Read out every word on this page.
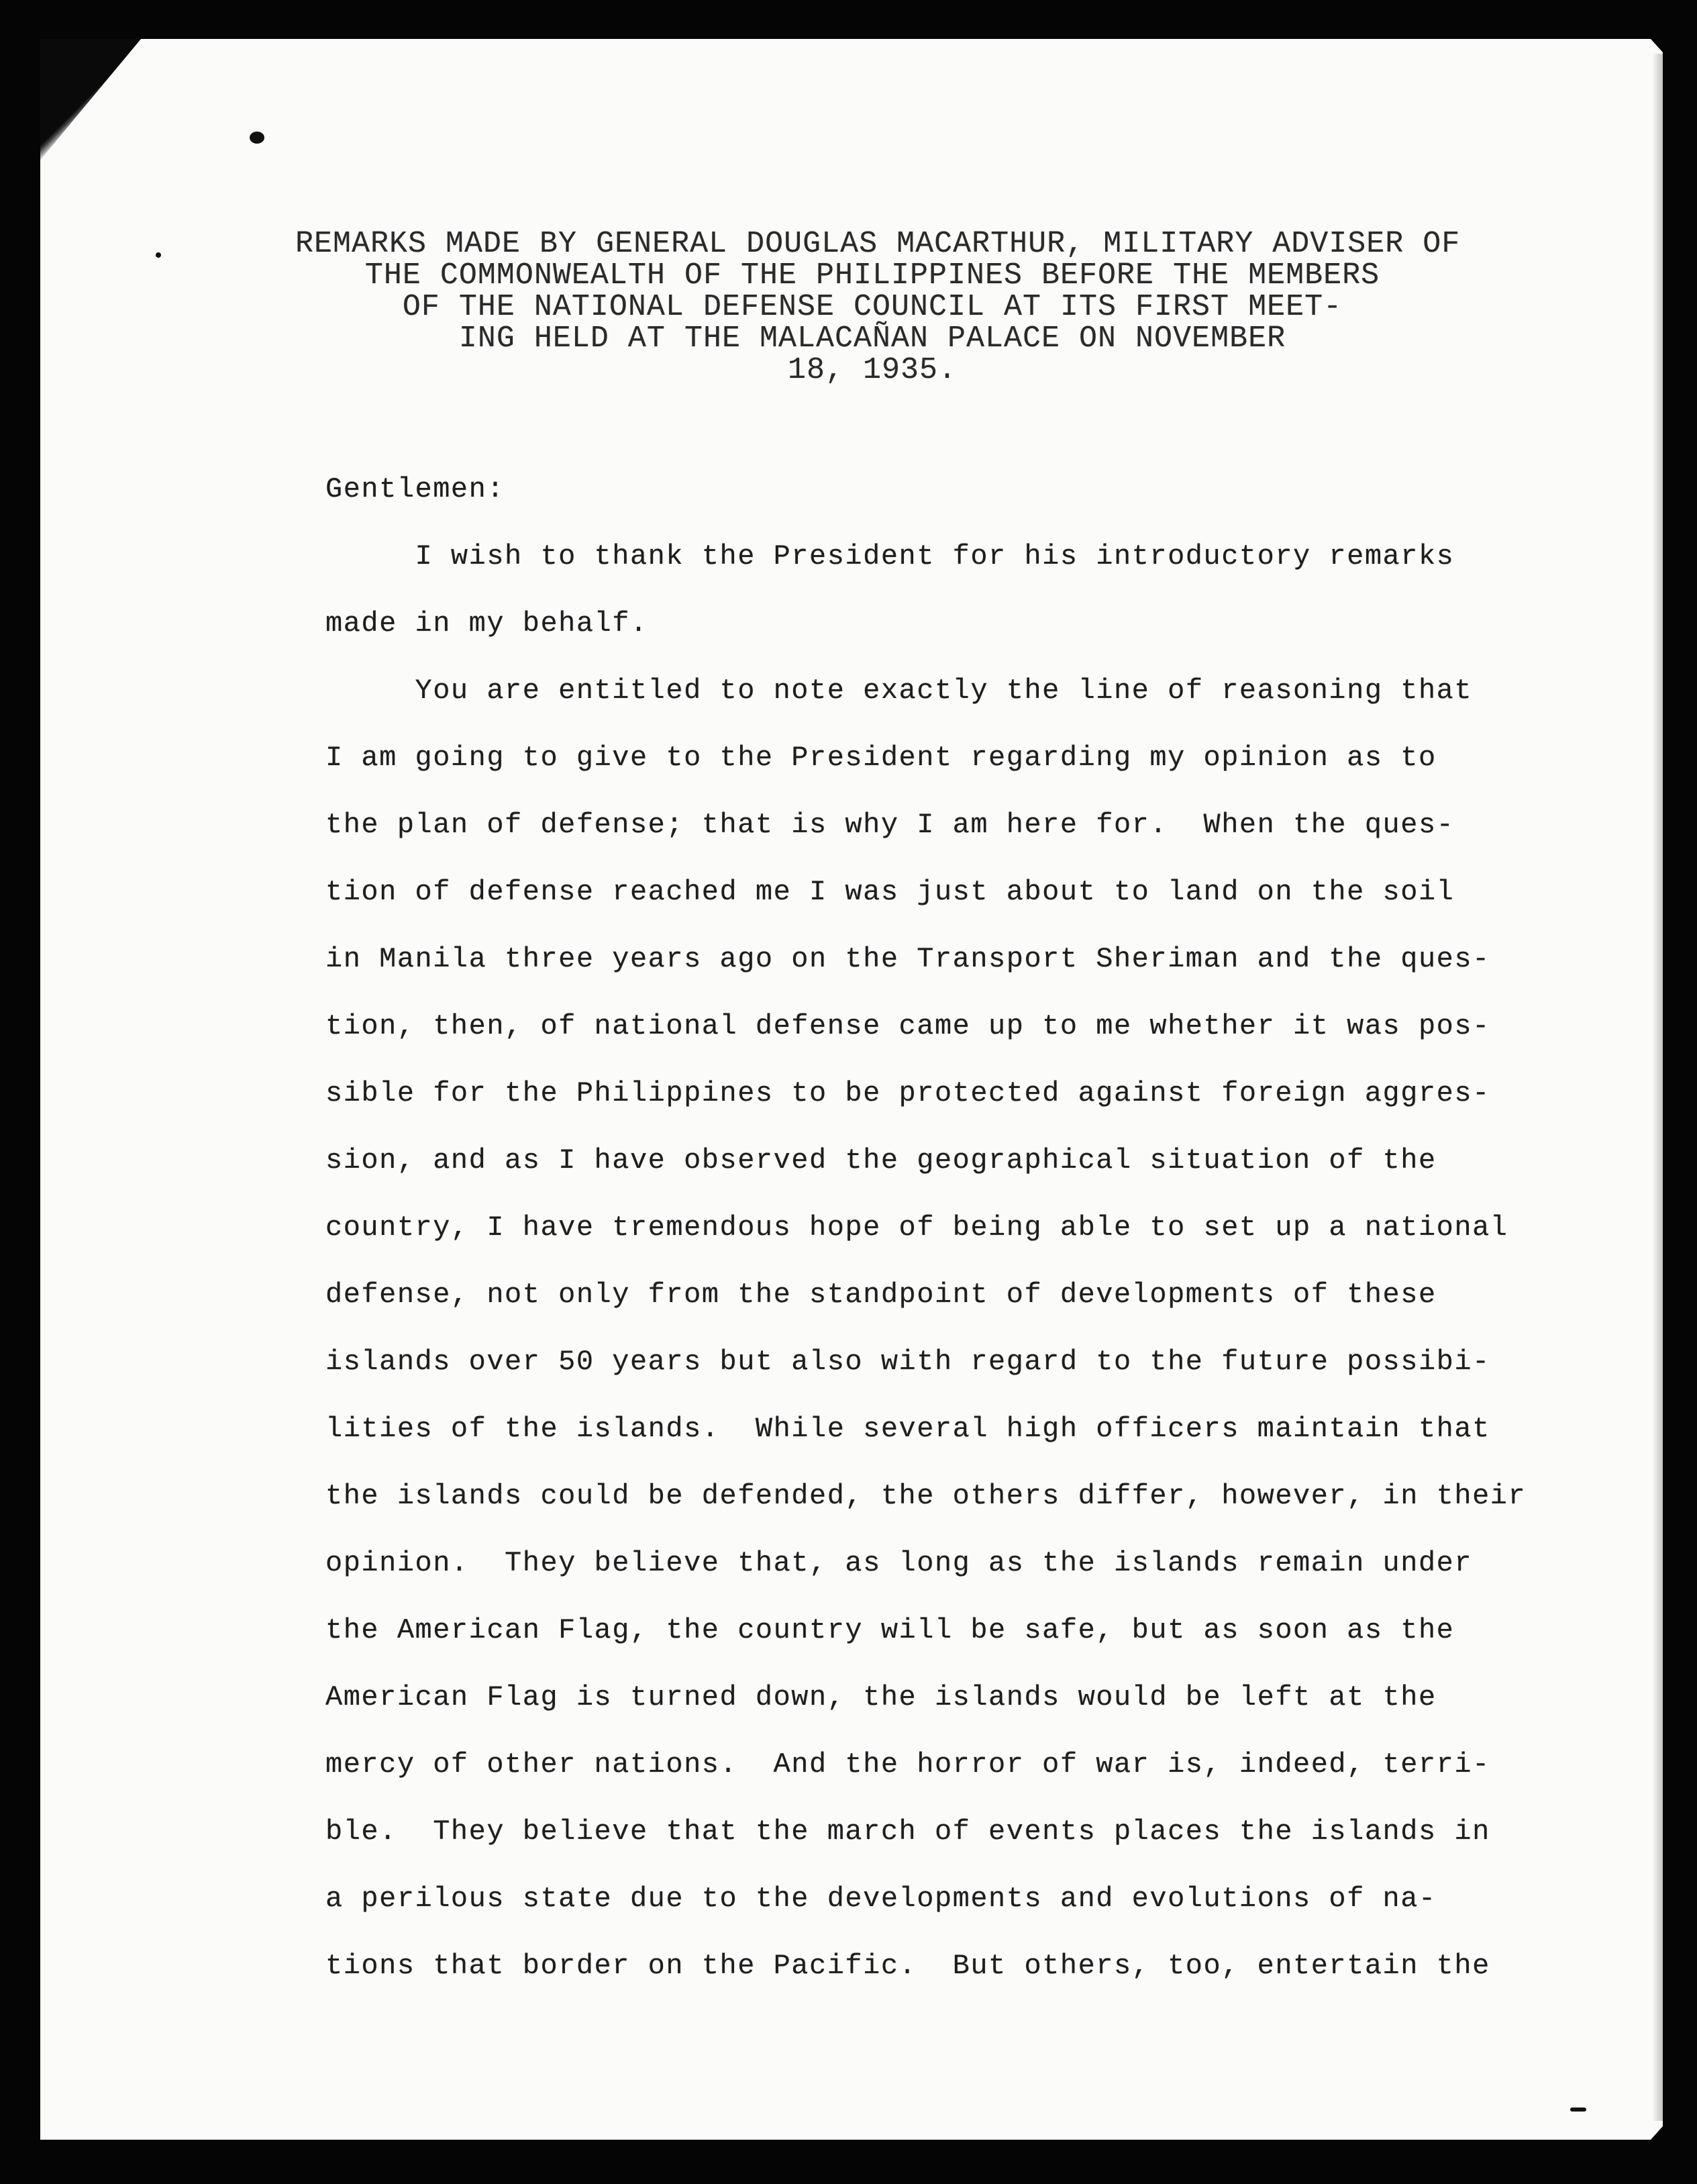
REMARKS MADE BY GENERAL DOUGLAS MACARTHUR, MILITARY ADVISER OF
THE COMMONWEALTH OF THE PHILIPPINES BEFORE THE MEMBERS
OF THE NATIONAL DEFENSE COUNCIL AT ITS FIRST MEET-
ING HELD AT THE MALACAÑAN PALACE ON NOVEMBER
18, 1935.
Gentlemen:
I wish to thank the President for his introductory remarks
made in my behalf.
You are entitled to note exactly the line of reasoning that
I am going to give to the President regarding my opinion as to
the plan of defense; that is why I am here for.  When the ques-
tion of defense reached me I was just about to land on the soil
in Manila three years ago on the Transport Sheriman and the ques-
tion, then, of national defense came up to me whether it was pos-
sible for the Philippines to be protected against foreign aggres-
sion, and as I have observed the geographical situation of the
country, I have tremendous hope of being able to set up a national
defense, not only from the standpoint of developments of these
islands over 50 years but also with regard to the future possibi-
lities of the islands.  While several high officers maintain that
the islands could be defended, the others differ, however, in their
opinion.  They believe that, as long as the islands remain under
the American Flag, the country will be safe, but as soon as the
American Flag is turned down, the islands would be left at the
mercy of other nations.  And the horror of war is, indeed, terri-
ble.  They believe that the march of events places the islands in
a perilous state due to the developments and evolutions of na-
tions that border on the Pacific.  But others, too, entertain the
